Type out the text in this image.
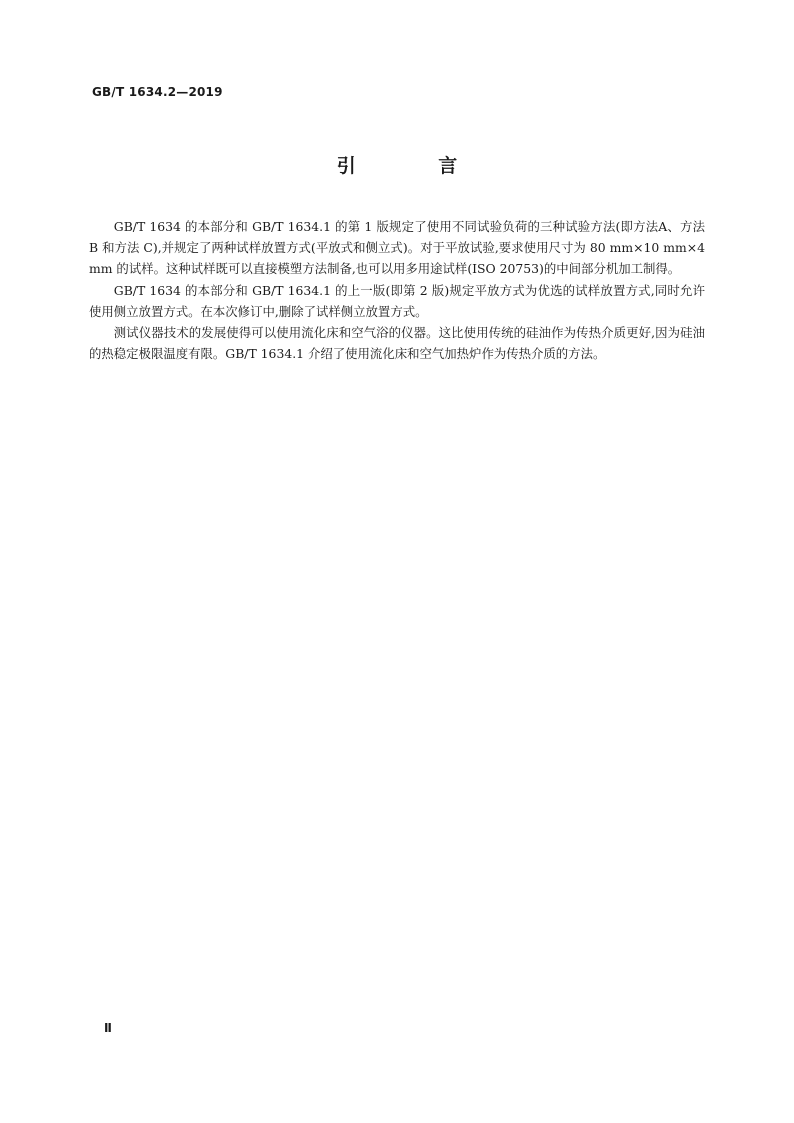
GB/T 1634.2—2019
引 言

GB/T 1634 的本部分和 GB/T 1634.1 的第 1 版规定了使用不同试验负荷的三种试验方法(即方法A、方法 B 和方法 C),并规定了两种试样放置方式(平放式和侧立式)。对于平放试验,要求使用尺寸为 80 mm×10 mm×4 mm 的试样。这种试样既可以直接模塑方法制备,也可以用多用途试样(ISO 20753)的中间部分机加工制得。

GB/T 1634 的本部分和 GB/T 1634.1 的上一版(即第 2 版)规定平放方式为优选的试样放置方式,同时允许使用侧立放置方式。在本次修订中,删除了试样侧立放置方式。

测试仪器技术的发展使得可以使用流化床和空气浴的仪器。这比使用传统的硅油作为传热介质更好,因为硅油的热稳定极限温度有限。GB/T 1634.1 介绍了使用流化床和空气加热炉作为传热介质的方法。

Ⅱ
